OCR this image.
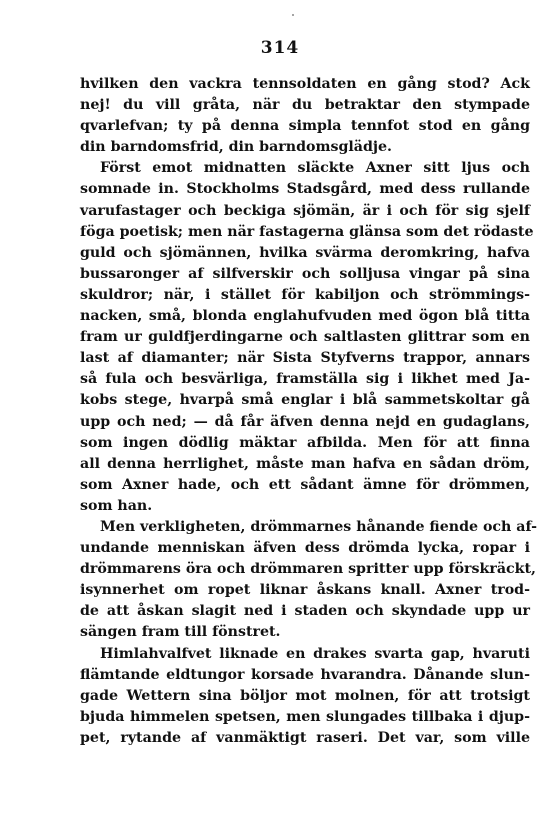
314
hvilken den vackra tennsoldaten en gång stod? Ack
nej! du vill gråta, när du betraktar den stympade
qvarlefvan; ty på denna simpla tennfot stod en gång
din barndomsfrid, din barndomsglädje.
Först emot midnatten släckte Axner sitt ljus och
somnade in. Stockholms Stadsgård, med dess rullande
varufastager och beckiga sjömän, är i och för sig sjelf
föga poetisk; men när fastagerna glänsa som det rödaste
guld och sjömännen, hvilka svärma deromkring, hafva
bussaronger af silfverskir och solljusa vingar på sina
skuldror; när, i stället för kabiljon och strömmings-
nacken, små, blonda englahufvuden med ögon blå titta
fram ur guldfjerdingarne och saltlasten glittrar som en
last af diamanter; när Sista Styfverns trappor, annars
så fula och besvärliga, framställa sig i likhet med Ja-
kobs stege, hvarpå små englar i blå sammetskoltar gå
upp och ned; — då får äfven denna nejd en gudaglans,
som ingen dödlig mäktar afbilda. Men för att finna
all denna herrlighet, måste man hafva en sådan dröm,
som Axner hade, och ett sådant ämne för drömmen,
som han.
Men verkligheten, drömmarnes hånande fiende och af-
undande menniskan äfven dess drömda lycka, ropar i
drömmarens öra och drömmaren spritter upp förskräckt,
isynnerhet om ropet liknar åskans knall. Axner trod-
de att åskan slagit ned i staden och skyndade upp ur
sängen fram till fönstret.
Himlahvalfvet liknade en drakes svarta gap, hvaruti
flämtande eldtungor korsade hvarandra. Dånande slun-
gade Wettern sina böljor mot molnen, för att trotsigt
bjuda himmelen spetsen, men slungades tillbaka i djup-
pet, rytande af vanmäktigt raseri. Det var, som ville
